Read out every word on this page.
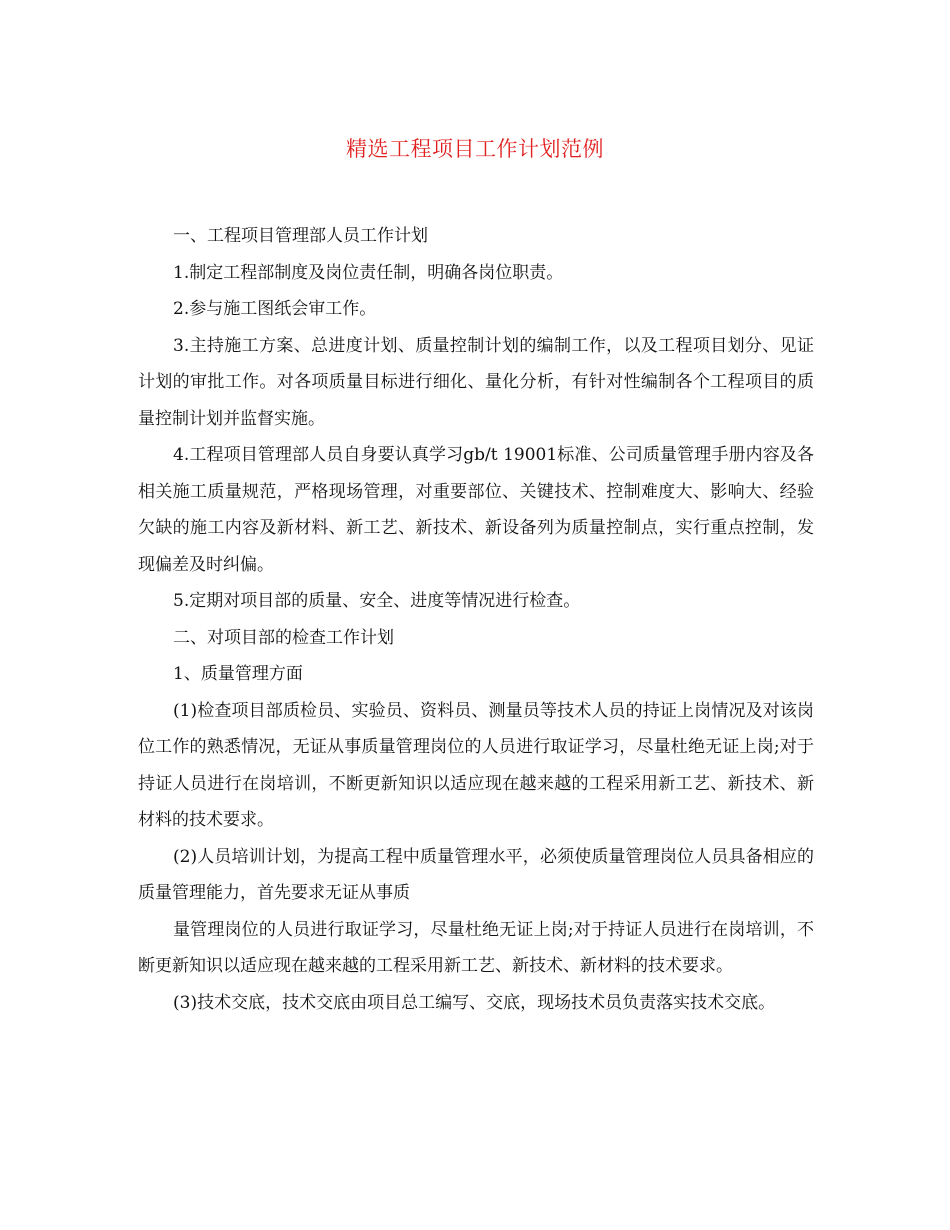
精选工程项目工作计划范例

一、工程项目管理部人员工作计划

1.制定工程部制度及岗位责任制，明确各岗位职责。

2.参与施工图纸会审工作。

3.主持施工方案、总进度计划、质量控制计划的编制工作，以及工程项目划分、见证计划的审批工作。对各项质量目标进行细化、量化分析，有针对性编制各个工程项目的质量控制计划并监督实施。

4.工程项目管理部人员自身要认真学习gb/t 19001标准、公司质量管理手册内容及各相关施工质量规范，严格现场管理，对重要部位、关键技术、控制难度大、影响大、经验欠缺的施工内容及新材料、新工艺、新技术、新设备列为质量控制点，实行重点控制，发现偏差及时纠偏。

5.定期对项目部的质量、安全、进度等情况进行检查。

二、对项目部的检查工作计划

1、质量管理方面

(1)检查项目部质检员、实验员、资料员、测量员等技术人员的持证上岗情况及对该岗位工作的熟悉情况，无证从事质量管理岗位的人员进行取证学习，尽量杜绝无证上岗;对于持证人员进行在岗培训，不断更新知识以适应现在越来越的工程采用新工艺、新技术、新材料的技术要求。

(2)人员培训计划，为提高工程中质量管理水平，必须使质量管理岗位人员具备相应的质量管理能力，首先要求无证从事质

量管理岗位的人员进行取证学习，尽量杜绝无证上岗;对于持证人员进行在岗培训，不断更新知识以适应现在越来越的工程采用新工艺、新技术、新材料的技术要求。

(3)技术交底，技术交底由项目总工编写、交底，现场技术员负责落实技术交底。
